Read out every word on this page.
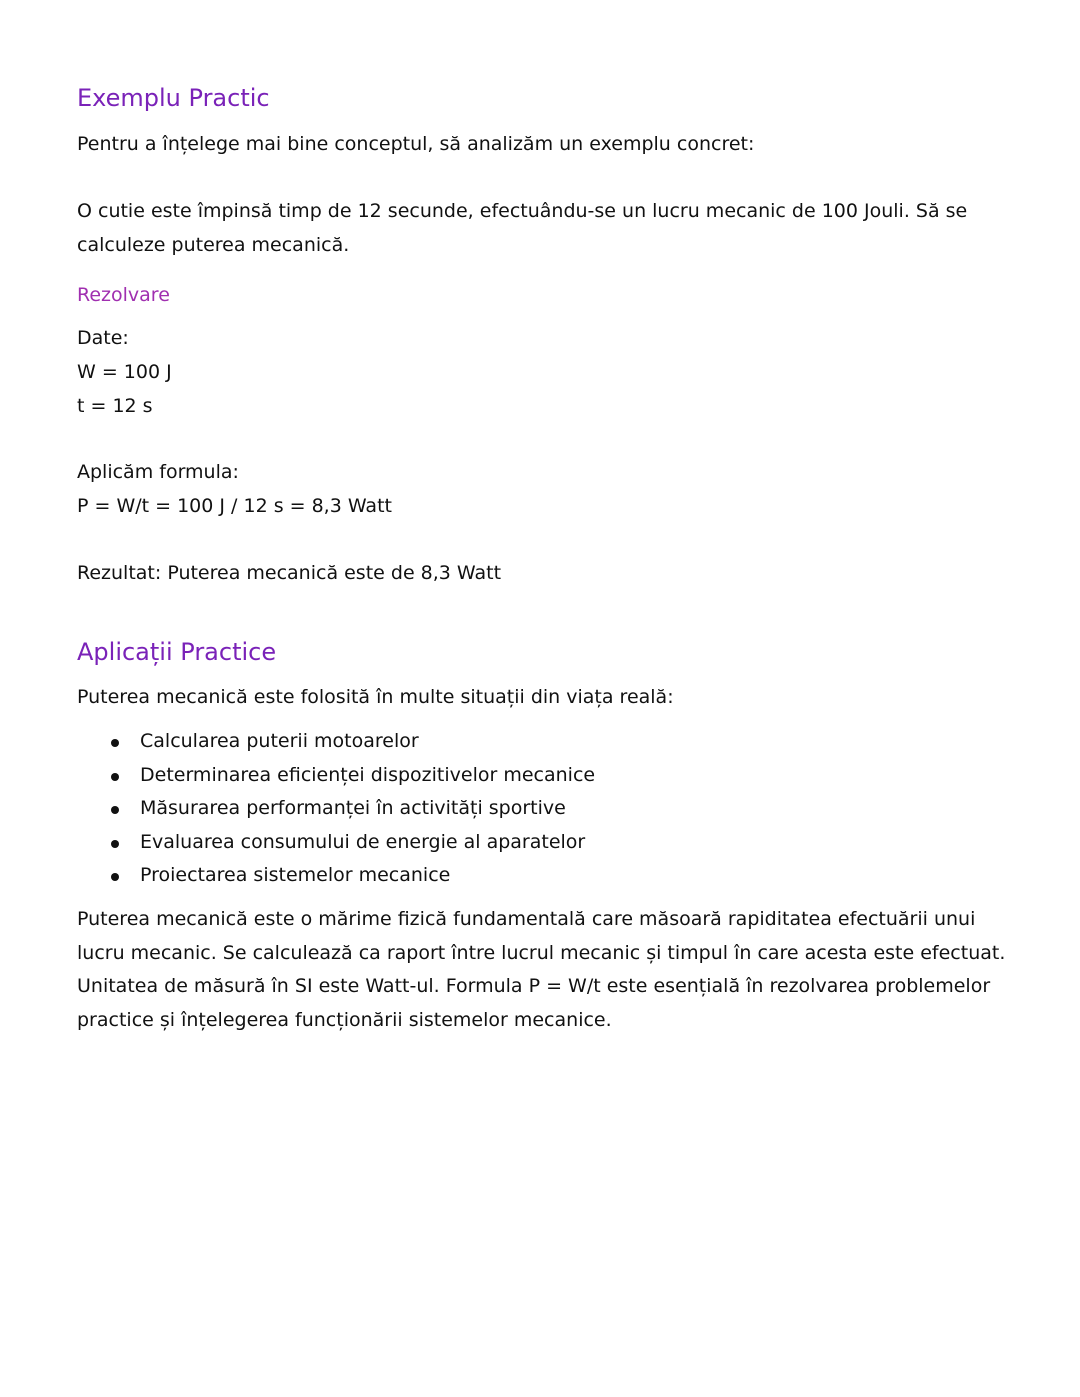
Exemplu Practic
Pentru a înțelege mai bine conceptul, să analizăm un exemplu concret:
O cutie este împinsă timp de 12 secunde, efectuându-se un lucru mecanic de 100 Jouli. Să se calculeze puterea mecanică.
Rezolvare
Date:
W = 100 J
t = 12 s
Aplicăm formula:
P = W/t = 100 J / 12 s = 8,3 Watt
Rezultat: Puterea mecanică este de 8,3 Watt
Aplicații Practice
Puterea mecanică este folosită în multe situații din viața reală:
Calcularea puterii motoarelor
Determinarea eficienței dispozitivelor mecanice
Măsurarea performanței în activități sportive
Evaluarea consumului de energie al aparatelor
Proiectarea sistemelor mecanice
Puterea mecanică este o mărime fizică fundamentală care măsoară rapiditatea efectuării unui lucru mecanic. Se calculează ca raport între lucrul mecanic și timpul în care acesta este efectuat. Unitatea de măsură în SI este Watt-ul. Formula P = W/t este esențială în rezolvarea problemelor practice și înțelegerea funcționării sistemelor mecanice.
